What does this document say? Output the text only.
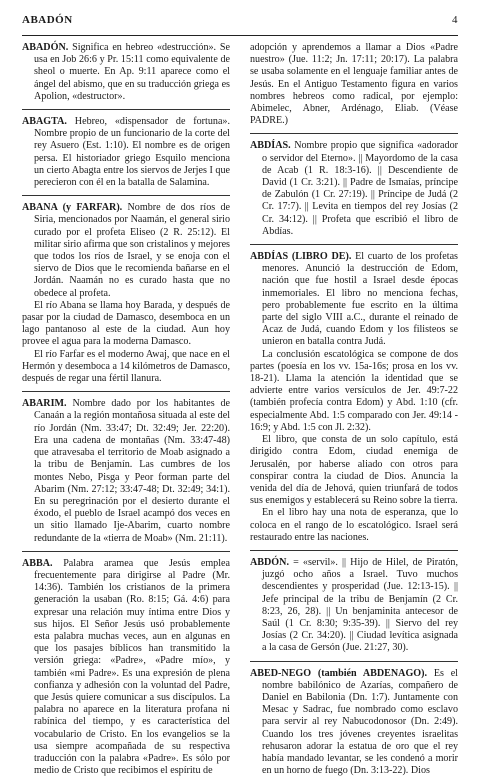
ABADÓN	4

ABADÓN. Significa en hebreo «destrucción». Se usa en Job 26:6 y Pr. 15:11 como equivalente de sheol o muerte. En Ap. 9:11 aparece como el ángel del abismo, que en su traducción griega es Apolion, «destructor».

ABAGTA. Hebreo, «dispensador de fortuna». Nombre propio de un funcionario de la corte del rey Asuero (Est. 1:10). El nombre es de origen persa. El historiador griego Esquilo menciona un cierto Abagta entre los siervos de Jerjes I que perecieron con él en la batalla de Salamina.

ABANA (y FARFAR). Nombre de dos ríos de Siria, mencionados por Naamán, el general sirio curado por el profeta Eliseo (2 R. 25:12). El militar sirio afirma que son cristalinos y mejores que todos los ríos de Israel, y se enoja con el siervo de Dios que le recomienda bañarse en el Jordán. Naamán no es curado hasta que no obedece al profeta.

El río Abana se llama hoy Barada, y después de pasar por la ciudad de Damasco, desemboca en un lago pantanoso al este de la ciudad. Aun hoy provee el agua para la moderna Damasco.

El río Farfar es el moderno Awaj, que nace en el Hermón y desemboca a 14 kilómetros de Damasco, después de regar una fértil llanura.

ABARIM. Nombre dado por los habitantes de Canaán a la región montañosa situada al este del río Jordán (Nm. 33:47; Dt. 32:49; Jer. 22:20). Era una cadena de montañas (Nm. 33:47-48) que atravesaba el territorio de Moab asignado a la tribu de Benjamín. Las cumbres de los montes Nebo, Pisga y Peor forman parte del Abarim (Nm. 27:12; 33:47-48; Dt. 32:49; 34:1). En su peregrinación por el desierto durante el éxodo, el pueblo de Israel acampó dos veces en un sitio llamado Ije-Abarim, cuarto nombre redundante de la «tierra de Moab» (Nm. 21:11).

ABBA. Palabra aramea que Jesús emplea frecuentemente para dirigirse al Padre (Mr. 14:36). También los cristianos de la primera generación la usaban (Ro. 8:15; Gá. 4:6) para expresar una relación muy íntima entre Dios y sus hijos. El Señor Jesús usó probablemente esta palabra muchas veces, aun en algunas en que los pasajes bíblicos han transmitido la versión griega: «Padre», «Padre mío», y también «mi Padre». Es una expresión de plena confianza y adhesión con la voluntad del Padre, que Jesús quiere comunicar a sus discípulos. La palabra no aparece en la literatura profana ni rabínica del tiempo, y es característica del vocabulario de Cristo. En los evangelios se la usa siempre acompañada de su respectiva traducción con la palabra «Padre». Es sólo por medio de Cristo que recibimos el espíritu de

adopción y aprendemos a llamar a Dios «Padre nuestro» (Jue. 11:2; Jn. 17:11; 20:17). La palabra se usaba solamente en el lenguaje familiar antes de Jesús. En el Antiguo Testamento figura en varios nombres hebreos como radical, por ejemplo: Abimelec, Abner, Ardénago, Eliab. (Véase PADRE.)

ABDÍAS. Nombre propio que significa «adorador o servidor del Eterno». || Mayordomo de la casa de Acab (1 R. 18:3-16). || Descendiente de David (1 Cr. 3:21). || Padre de Ismaías, príncipe de Zabulón (1 Cr. 27:19). || Príncipe de Judá (2 Cr. 17:7). || Levita en tiempos del rey Josías (2 Cr. 34:12). || Profeta que escribió el libro de Abdías.

ABDÍAS (LIBRO DE). El cuarto de los profetas menores. Anunció la destrucción de Edom, nación que fue hostil a Israel desde épocas inmemoriales. El libro no menciona fechas, pero probablemente fue escrito en la última parte del siglo VIII a.C., durante el reinado de Acaz de Judá, cuando Edom y los filisteos se unieron en batalla contra Judá.

La conclusión escatológica se compone de dos partes (poesía en los vv. 15a-16s; prosa en los vv. 18-21). Llama la atención la identidad que se advierte entre varios versículos de Jer. 49:7-22 (también profecía contra Edom) y Abd. 1:10 (cfr. especialmente Abd. 1:5 comparado con Jer. 49:14 - 16:9; y Abd. 1:5 con Jl. 2:32).

El libro, que consta de un solo capítulo, está dirigido contra Edom, ciudad enemiga de Jerusalén, por haberse aliado con otros para conspirar contra la ciudad de Dios. Anuncia la venida del día de Jehová, quien triunfará de todos sus enemigos y establecerá su Reino sobre la tierra.

En el libro hay una nota de esperanza, que lo coloca en el rango de lo escatológico. Israel será restaurado entre las naciones.

ABDÓN. = «servil». || Hijo de Hilel, de Piratón, juzgó ocho años a Israel. Tuvo muchos descendientes y prosperidad (Jue. 12:13-15). || Jefe principal de la tribu de Benjamín (2 Cr. 8:23, 26, 28). || Un benjaminita antecesor de Saúl (1 Cr. 8:30; 9:35-39). || Siervo del rey Josías (2 Cr. 34:20). || Ciudad levítica asignada a la casa de Gersón (Jue. 21:27, 30).

ABED-NEGO (también ABDENAGO). Es el nombre babilónico de Azarías, compañero de Daniel en Babilonia (Dn. 1:7). Juntamente con Mesac y Sadrac, fue nombrado como esclavo para servir al rey Nabucodonosor (Dn. 2:49). Cuando los tres jóvenes creyentes israelitas rehusaron adorar la estatua de oro que el rey había mandado levantar, se les condenó a morir en un horno de fuego (Dn. 3:13-22). Dios
